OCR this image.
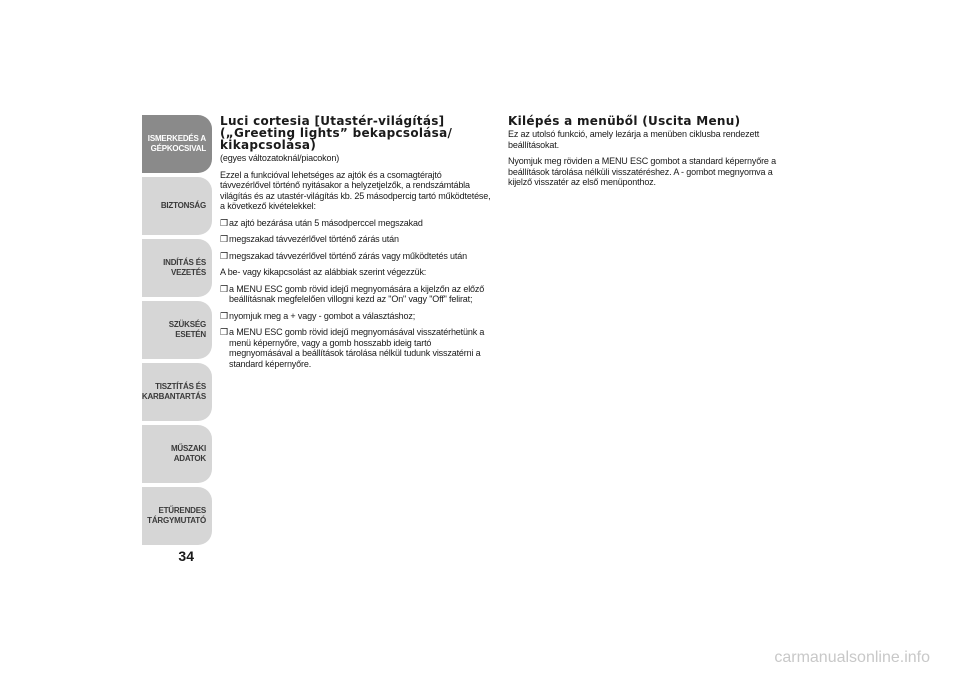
ISMERKEDÉS A GÉPKOCSIVAL
BIZTONSÁG
INDÍTÁS ÉS VEZETÉS
SZÜKSÉG ESETÉN
TISZTÍTÁS ÉS KARBANTARTÁS
MŰSZAKI ADATOK
ETŰRENDES TÁRGYMUTATÓ
34
Luci cortesia [Utastér-világítás] („Greeting lights” bekapcsolása/ kikapcsolása)

(egyes változatoknál/piacokon)

Ezzel a funkcióval lehetséges az ajtók és a csomagtérajtó távvezérlővel történő nyitásakor a helyzetjelzők, a rendszámtábla világítás és az utastér-világítás kb. 25 másodpercig tartó működtetése, a következő kivételekkel:

❒az ajtó bezárása után 5 másodperccel megszakad

❒megszakad távvezérlővel történő zárás után

❒megszakad távvezérlővel történő zárás vagy működtetés után

A be- vagy kikapcsolást az alábbiak szerint végezzük:

❒a MENU ESC gomb rövid idejű megnyomására a kijelzőn az előző beállításnak megfelelően villogni kezd az "On" vagy "Off" felirat;

❒nyomjuk meg a + vagy - gombot a választáshoz;

❒a MENU ESC gomb rövid idejű megnyomásával visszatérhetünk a menü képernyőre, vagy a gomb hosszabb ideig tartó megnyomásával a beállítások tárolása nélkül tudunk visszatérni a standard képernyőre.

Kilépés a menüből (Uscita Menu)

Ez az utolsó funkció, amely lezárja a menüben ciklusba rendezett beállításokat.

Nyomjuk meg röviden a MENU ESC gombot a standard képernyőre a beállítások tárolása nélküli visszatéréshez. A - gombot megnyomva a kijelző visszatér az első menüponthoz.

carmanualsonline.info
